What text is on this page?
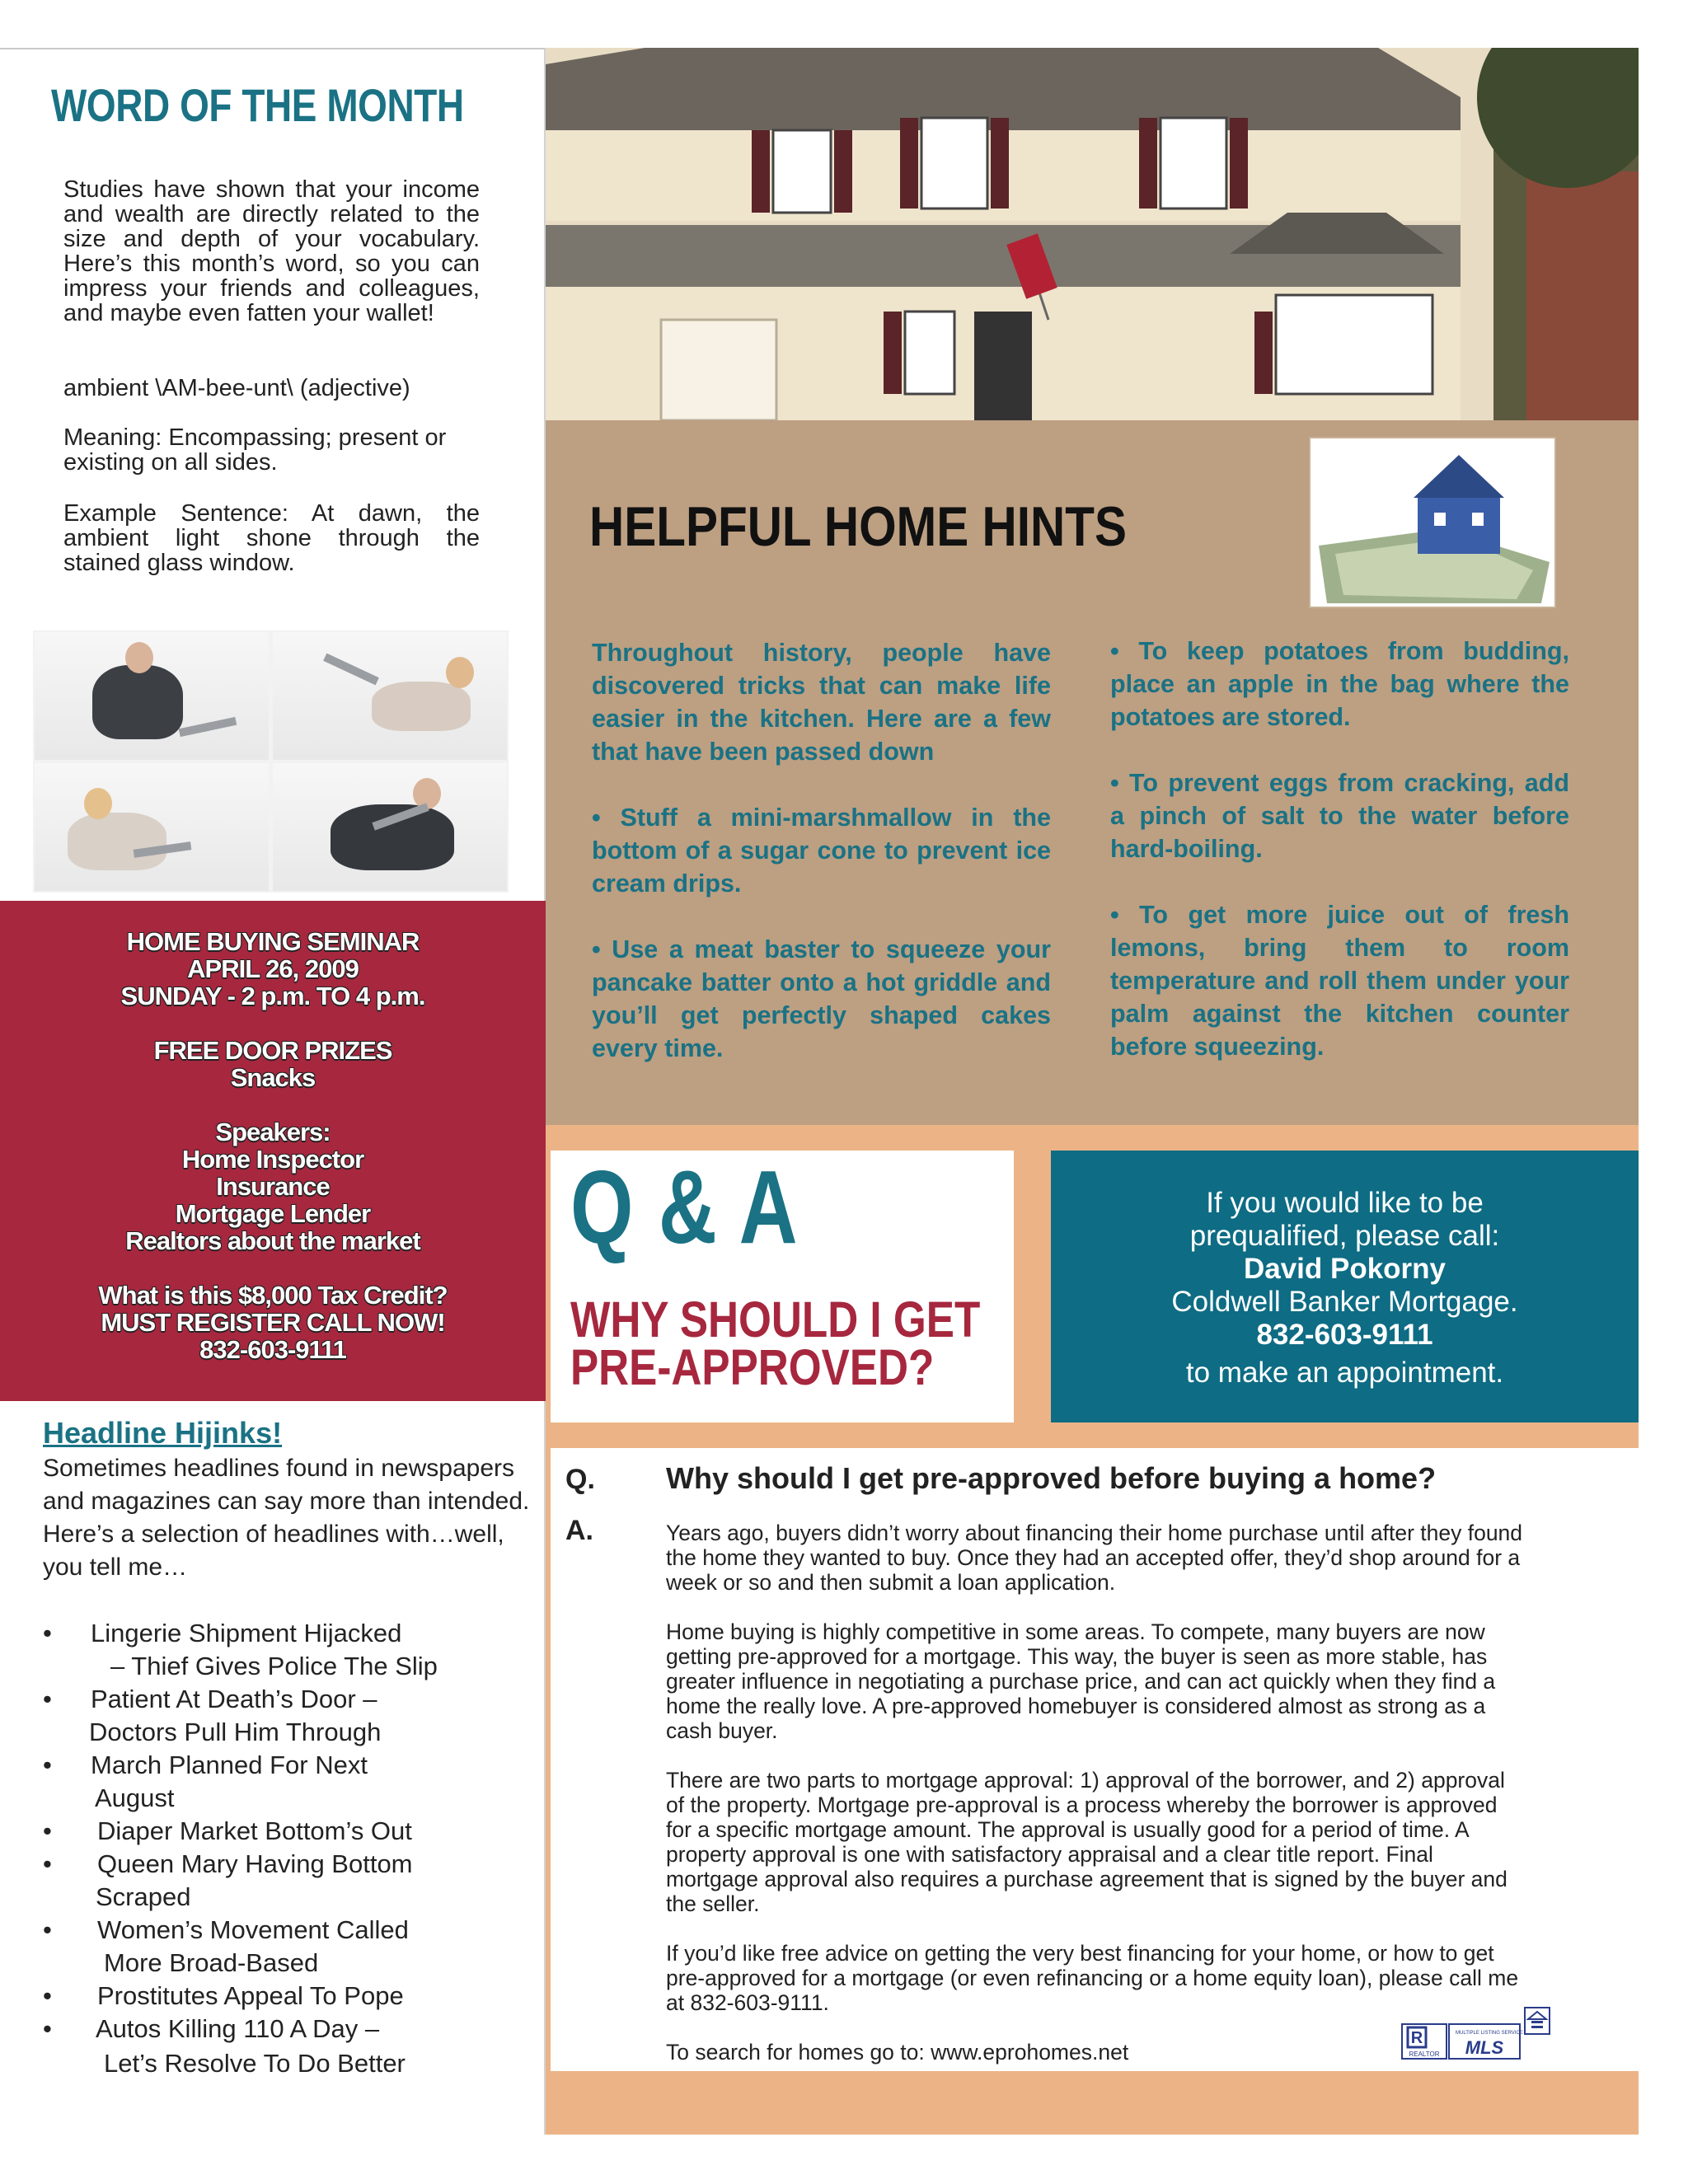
WORD OF THE MONTH

Studies have shown that your income and wealth are directly related to the size and depth of your vocabulary. Here’s this month’s word, so you can impress your friends and colleagues, and maybe even fatten your wallet!

ambient \AM-bee-unt\ (adjective)

Meaning: Encompassing; present or existing on all sides.

Example Sentence: At dawn, the ambient light shone through the stained glass window.

HOME BUYING SEMINAR
APRIL 26, 2009
SUNDAY - 2 p.m. TO 4 p.m.
FREE DOOR PRIZES
Snacks
Speakers:
Home Inspector
Insurance
Mortgage Lender
Realtors about the market
What is this $8,000 Tax Credit?
MUST REGISTER CALL NOW!
832-603-9111
Headline Hijinks!
Sometimes headlines found in newspapers and magazines can say more than intended. Here’s a selection of headlines with…well, you tell me…
• Lingerie Shipment Hijacked
– Thief Gives Police The Slip
• Patient At Death’s Door –
Doctors Pull Him Through
• March Planned For Next
August
• Diaper Market Bottom’s Out
• Queen Mary Having Bottom
Scraped
• Women’s Movement Called
More Broad-Based
• Prostitutes Appeal To Pope
• Autos Killing 110 A Day –
Let’s Resolve To Do Better
HELPFUL HOME HINTS

Throughout history, people have discovered tricks that can make life easier in the kitchen. Here are a few that have been passed down

• Stuff a mini-marshmallow in the bottom of a sugar cone to prevent ice cream drips.

• Use a meat baster to squeeze your pancake batter onto a hot griddle and you’ll get perfectly shaped cakes every time.

• To keep potatoes from budding, place an apple in the bag where the potatoes are stored.

• To prevent eggs from cracking, add a pinch of salt to the water before hard-boiling.

• To get more juice out of fresh lemons, bring them to room temperature and roll them under your palm against the kitchen counter before squeezing.

Q & A
WHY SHOULD I GET
PRE-APPROVED?
If you would like to be
prequalified, please call:
David Pokorny
Coldwell Banker Mortgage.
832-603-9111
to make an appointment.
Q. Why should I get pre-approved before buying a home?
A.	Years ago, buyers didn’t worry about financing their home purchase until after they found the home they wanted to buy. Once they had an accepted offer, they’d shop around for a week or so and then submit a loan application.

Home buying is highly competitive in some areas. To compete, many buyers are now getting pre-approved for a mortgage. This way, the buyer is seen as more stable, has greater influence in negotiating a purchase price, and can act quickly when they find a home the really love. A pre-approved homebuyer is considered almost as strong as a cash buyer.

There are two parts to mortgage approval: 1) approval of the borrower, and 2) approval of the property. Mortgage pre-approval is a process whereby the borrower is approved for a specific mortgage amount. The approval is usually good for a period of time. A property approval is one with satisfactory appraisal and a clear title report. Final mortgage approval also requires a purchase agreement that is signed by the buyer and the seller.

If you’d like free advice on getting the very best financing for your home, or how to get pre-approved for a mortgage (or even refinancing or a home equity loan), please call me at 832-603-9111.

To search for homes go to: www.eprohomes.net

R
REALTOR
MULTIPLE LISTING SERVICE
MLS
